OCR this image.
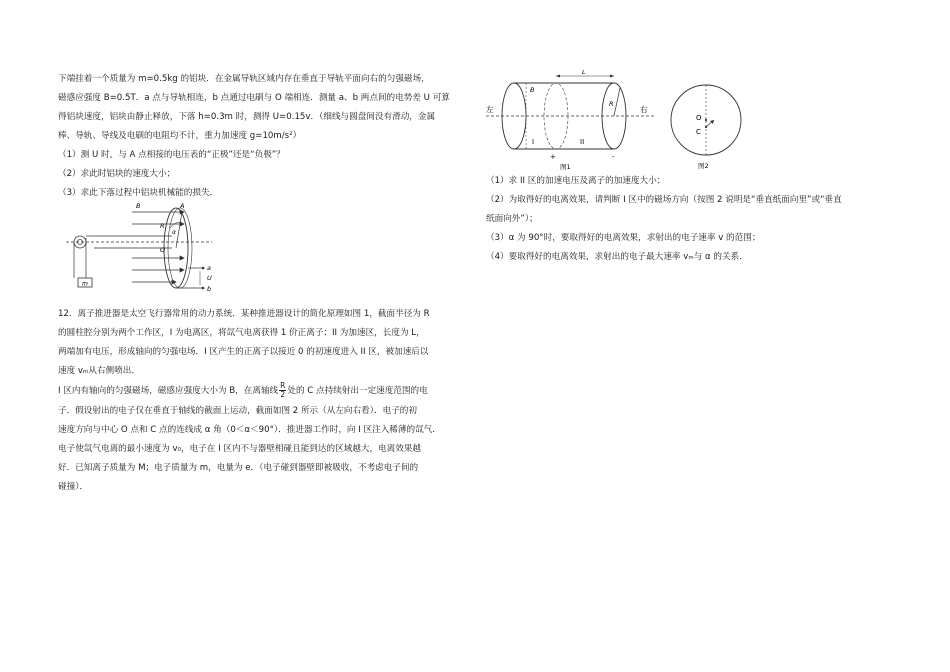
下端挂着一个质量为 m=0.5kg 的铝块．在金属导轨区域内存在垂直于导轨平面向右的匀强磁场，

磁感应强度 B=0.5T．a 点与导轨相连，b 点通过电刷与 O 端相连．测量 a、b 两点间的电势差 U 可算

得铝块速度，铝块由静止释放，下落 h=0.3m 时，测得 U=0.15v．（细线与圆盘间没有滑动，金属

棒、导轨、导线及电刷的电阻均不计，重力加速度 g=10m/s²）

（1）测 U 时，与 A 点相接的电压表的“正极”还是“负极”？

（2）求此时铝块的速度大小；

（3）求此下落过程中铝块机械能的损失．

m
B	A
R
α
O
a
U
b

12．离子推进器是太空飞行器常用的动力系统．某种推进器设计的简化原理如图 1，截面半径为 R

的圆柱腔分别为两个工作区，I 为电离区，将氙气电离获得 1 价正离子；II 为加速区，长度为 L，

两端加有电压，形成轴向的匀强电场．I 区产生的正离子以接近 0 的初速度进入 II 区，被加速后以

速度 vₘ从右侧喷出．

I 区内有轴向的匀强磁场，磁感应强度大小为 B，在离轴线 $\frac{R}{2}$ 处的 C 点持续射出一定速度范围的电

子．假设射出的电子仅在垂直于轴线的截面上运动，截面如图 2 所示（从左向右看）．电子的初

速度方向与中心 O 点和 C 点的连线成 α 角（0＜α＜90°）．推进器工作时，向 I 区注入稀薄的氙气．

电子使氙气电离的最小速度为 v₀，电子在 I 区内不与器壁相碰且能到达的区域越大，电离效果越

好．已知离子质量为 M；电子质量为 m，电量为 e．（电子碰到器壁即被吸收，不考虑电子间的

碰撞）．

L
R
B
左	右
I	II
+	-
图1
O
C
图2

（1）求 II 区的加速电压及离子的加速度大小；

（2）为取得好的电离效果，请判断 I 区中的磁场方向（按图 2 说明是“垂直纸面向里”或“垂直

纸面向外”）；

（3）α 为 90°时，要取得好的电离效果，求射出的电子速率 v 的范围；

（4）要取得好的电离效果，求射出的电子最大速率 vₘ与 α 的关系．
